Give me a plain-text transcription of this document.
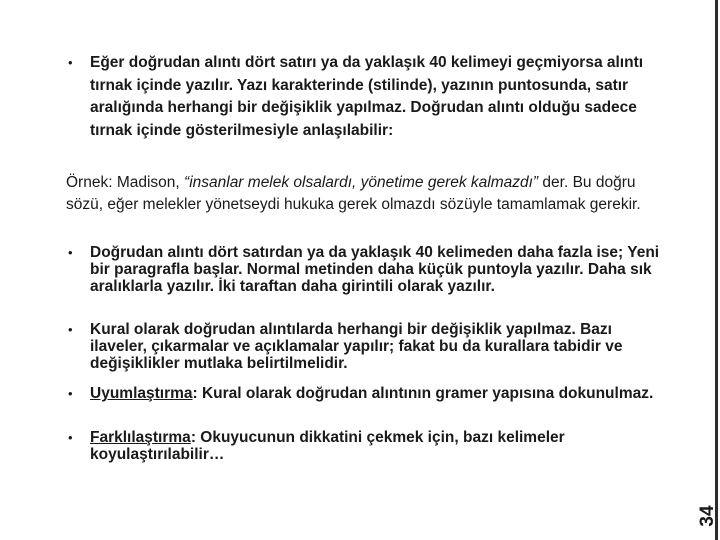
• Eğer doğrudan alıntı dört satırı ya da yaklaşık 40 kelimeyi geçmiyorsa alıntı tırnak içinde yazılır. Yazı karakterinde (stilinde), yazının puntosunda, satır aralığında herhangi bir değişiklik yapılmaz. Doğrudan alıntı olduğu sadece tırnak içinde gösterilmesiyle anlaşılabilir:
Örnek: Madison, “insanlar melek olsalardı, yönetime gerek kalmazdı” der. Bu doğru sözü, eğer melekler yönetseydi hukuka gerek olmazdı sözüyle tamamlamak gerekir.
• Doğrudan alıntı dört satırdan ya da yaklaşık 40 kelimeden daha fazla ise; Yeni bir paragrafla başlar. Normal metinden daha küçük puntoyla yazılır. Daha sık aralıklarla yazılır. İki taraftan daha girintili olarak yazılır.
• Kural olarak doğrudan alıntılarda herhangi bir değişiklik yapılmaz. Bazı ilaveler, çıkarmalar ve açıklamalar yapılır; fakat bu da kurallara tabidir ve değişiklikler mutlaka belirtilmelidir.
• Uyumlaştırma: Kural olarak doğrudan alıntının gramer yapısına dokunulmaz.
• Farklılaştırma: Okuyucunun dikkatini çekmek için, bazı kelimeler koyulaştırılabilir…
34
